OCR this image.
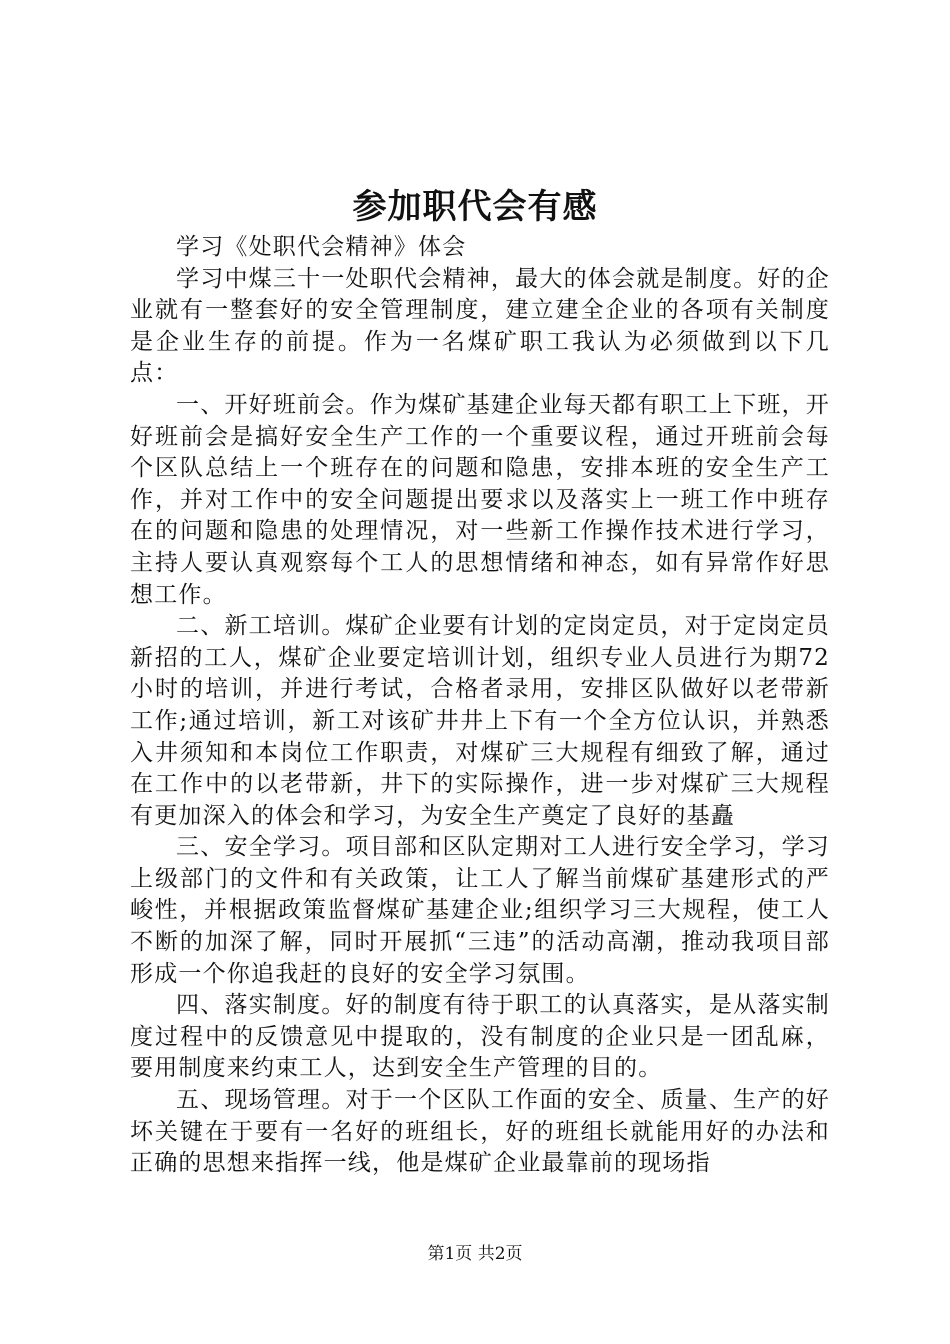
参加职代会有感

学习《处职代会精神》体会

学习中煤三十一处职代会精神，最大的体会就是制度。好的企业就有一整套好的安全管理制度，建立建全企业的各项有关制度是企业生存的前提。作为一名煤矿职工我认为必须做到以下几点：

一、开好班前会。作为煤矿基建企业每天都有职工上下班，开好班前会是搞好安全生产工作的一个重要议程，通过开班前会每个区队总结上一个班存在的问题和隐患，安排本班的安全生产工作，并对工作中的安全问题提出要求以及落实上一班工作中班存在的问题和隐患的处理情况，对一些新工作操作技术进行学习，主持人要认真观察每个工人的思想情绪和神态，如有异常作好思想工作。

二、新工培训。煤矿企业要有计划的定岗定员，对于定岗定员新招的工人，煤矿企业要定培训计划，组织专业人员进行为期72小时的培训，并进行考试，合格者录用，安排区队做好以老带新工作;通过培训，新工对该矿井井上下有一个全方位认识，并熟悉入井须知和本岗位工作职责，对煤矿三大规程有细致了解，通过在工作中的以老带新，井下的实际操作，进一步对煤矿三大规程有更加深入的体会和学习，为安全生产奠定了良好的基矗

三、安全学习。项目部和区队定期对工人进行安全学习，学习上级部门的文件和有关政策，让工人了解当前煤矿基建形式的严峻性，并根据政策监督煤矿基建企业;组织学习三大规程，使工人不断的加深了解，同时开展抓“三违”的活动高潮，推动我项目部形成一个你追我赶的良好的安全学习氛围。

四、落实制度。好的制度有待于职工的认真落实，是从落实制度过程中的反馈意见中提取的，没有制度的企业只是一团乱麻，要用制度来约束工人，达到安全生产管理的目的。

五、现场管理。对于一个区队工作面的安全、质量、生产的好坏关键在于要有一名好的班组长，好的班组长就能用好的办法和正确的思想来指挥一线，他是煤矿企业最靠前的现场指

第1页 共2页
